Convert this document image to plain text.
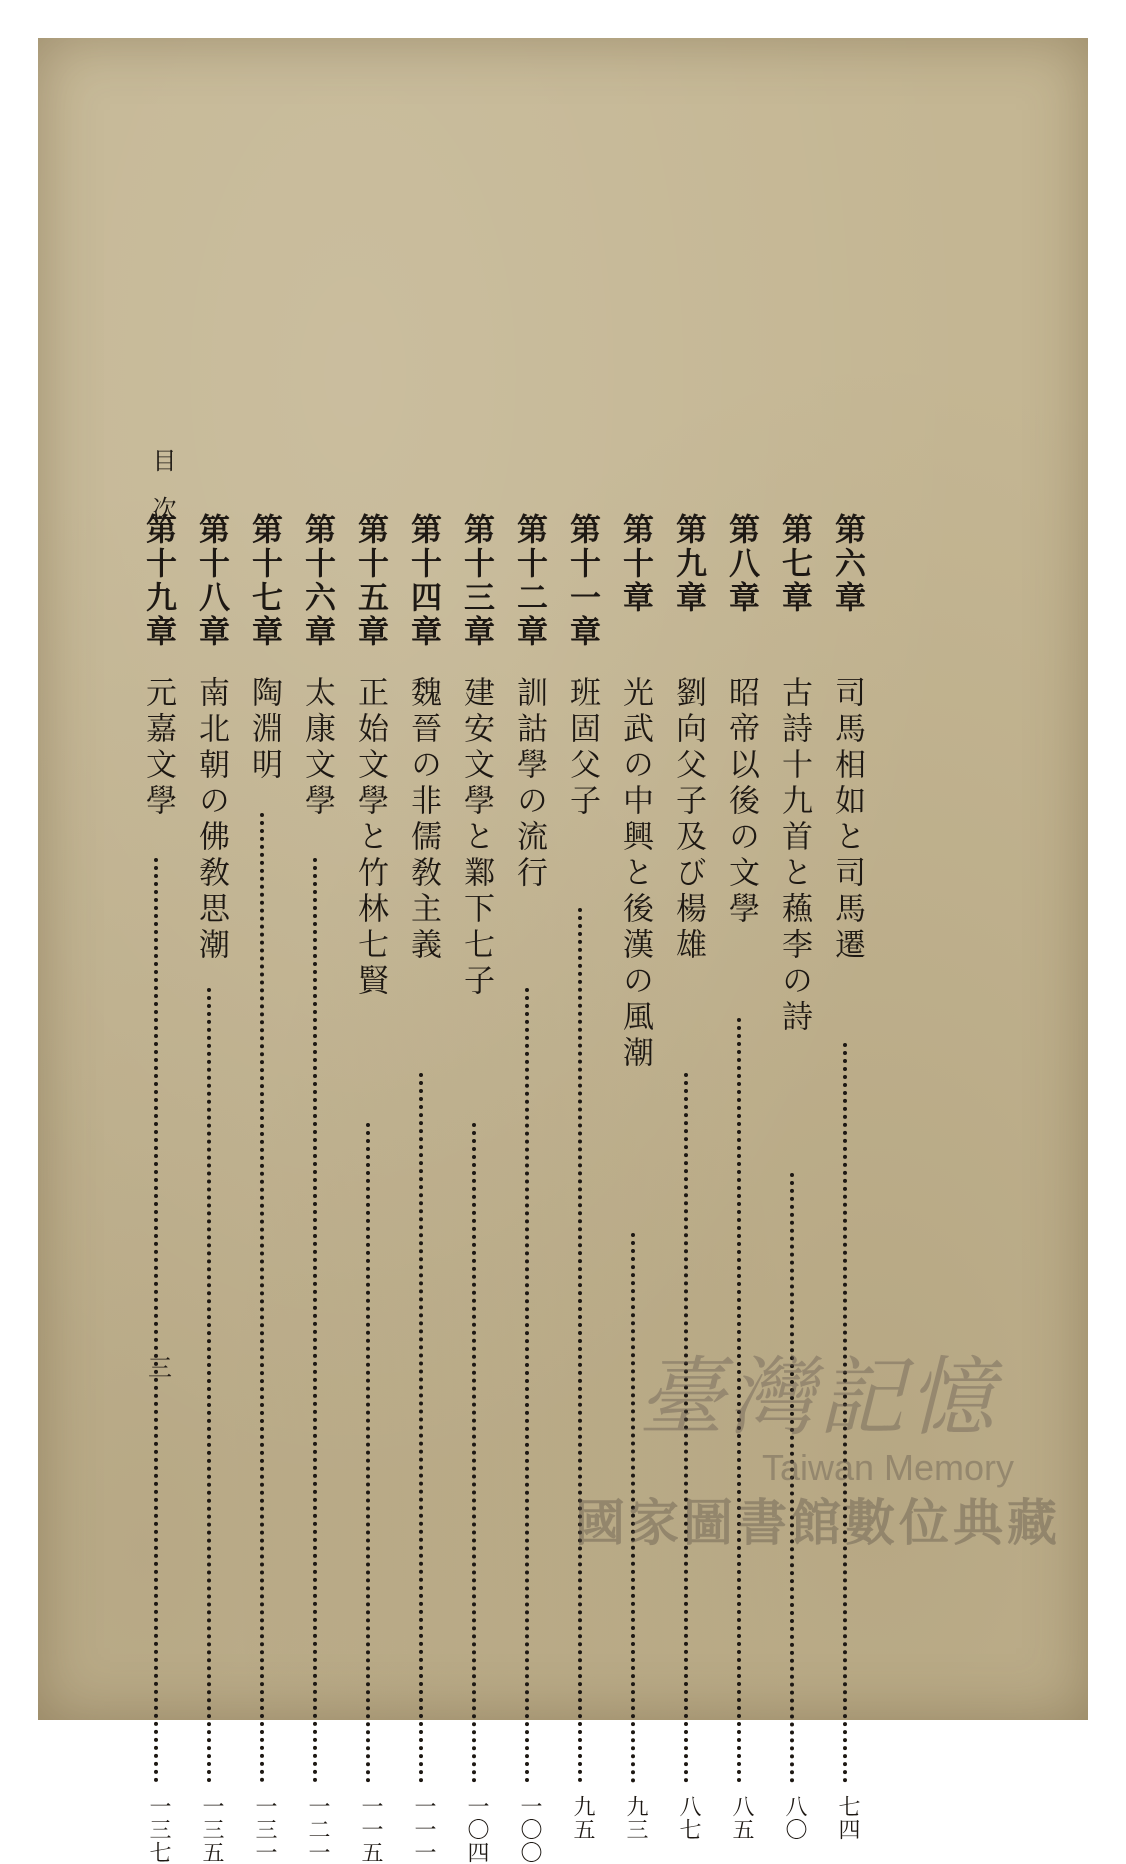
目　次
三
第六章
司馬相如と司馬遷
七四
第七章
古詩十九首と蘓李の詩
八〇
第八章
昭帝以後の文學
八五
第九章
劉向父子及び楊雄
八七
第十章
光武の中興と後漢の風潮
九三
第十一章
班固父子
九五
第十二章
訓詁學の流行
一〇〇
第十三章
建安文學と鄴下七子
一〇四
第十四章
魏晉の非儒敎主義
一一一
第十五章
正始文學と竹林七賢
一一五
第十六章
太康文學
一二一
第十七章
陶淵明
一三一
第十八章
南北朝の佛敎思潮
一三五
第十九章
元嘉文學
一三七
臺灣記憶
Taiwan Memory
國家圖書館數位典藏
